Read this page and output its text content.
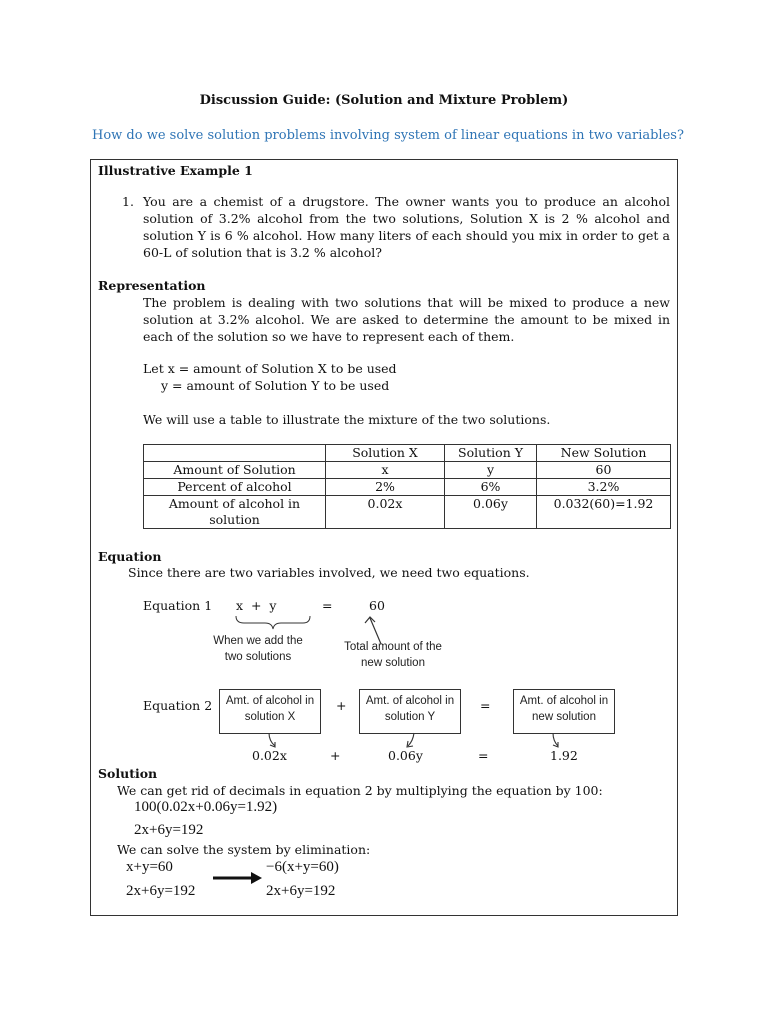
Discussion Guide: (Solution and Mixture Problem)
How do we solve solution problems involving system of linear equations in two variables?
Illustrative Example 1
1. You are a chemist of a drugstore. The owner wants you to produce an alcohol solution of 3.2% alcohol from the two solutions, Solution X is 2 % alcohol and solution Y is 6 % alcohol. How many liters of each should you mix in order to get a 60-L of solution that is 3.2 % alcohol?
Representation
The problem is dealing with two solutions that will be mixed to produce a new solution at 3.2% alcohol. We are asked to determine the amount to be mixed in each of the solution so we have to represent each of them.
Let x = amount of Solution X to be used
y = amount of Solution Y to be used
We will use a table to illustrate the mixture of the two solutions.
	Solution X	Solution Y	New Solution
Amount of Solution	x	y	60
Percent of alcohol	2%	6%	3.2%
Amount of alcohol in solution	0.02x	0.06y	0.032(60)=1.92
Equation
Since there are two variables involved, we need two equations.
Equation 1 x  +  y	=	60
When we add the two solutions
Total amount of the new solution
Equation 2	Amt. of alcohol in solution X
+	Amt. of alcohol in solution Y
=	Amt. of alcohol in new solution
0.02x	+	0.06y	=	1.92
Solution
We can get rid of decimals in equation 2 by multiplying the equation by 100:
100(0.02x+0.06y=1.92)
2x+6y=192
We can solve the system by elimination:
x+y=60
2x+6y=192
−6(x+y=60)
2x+6y=192
